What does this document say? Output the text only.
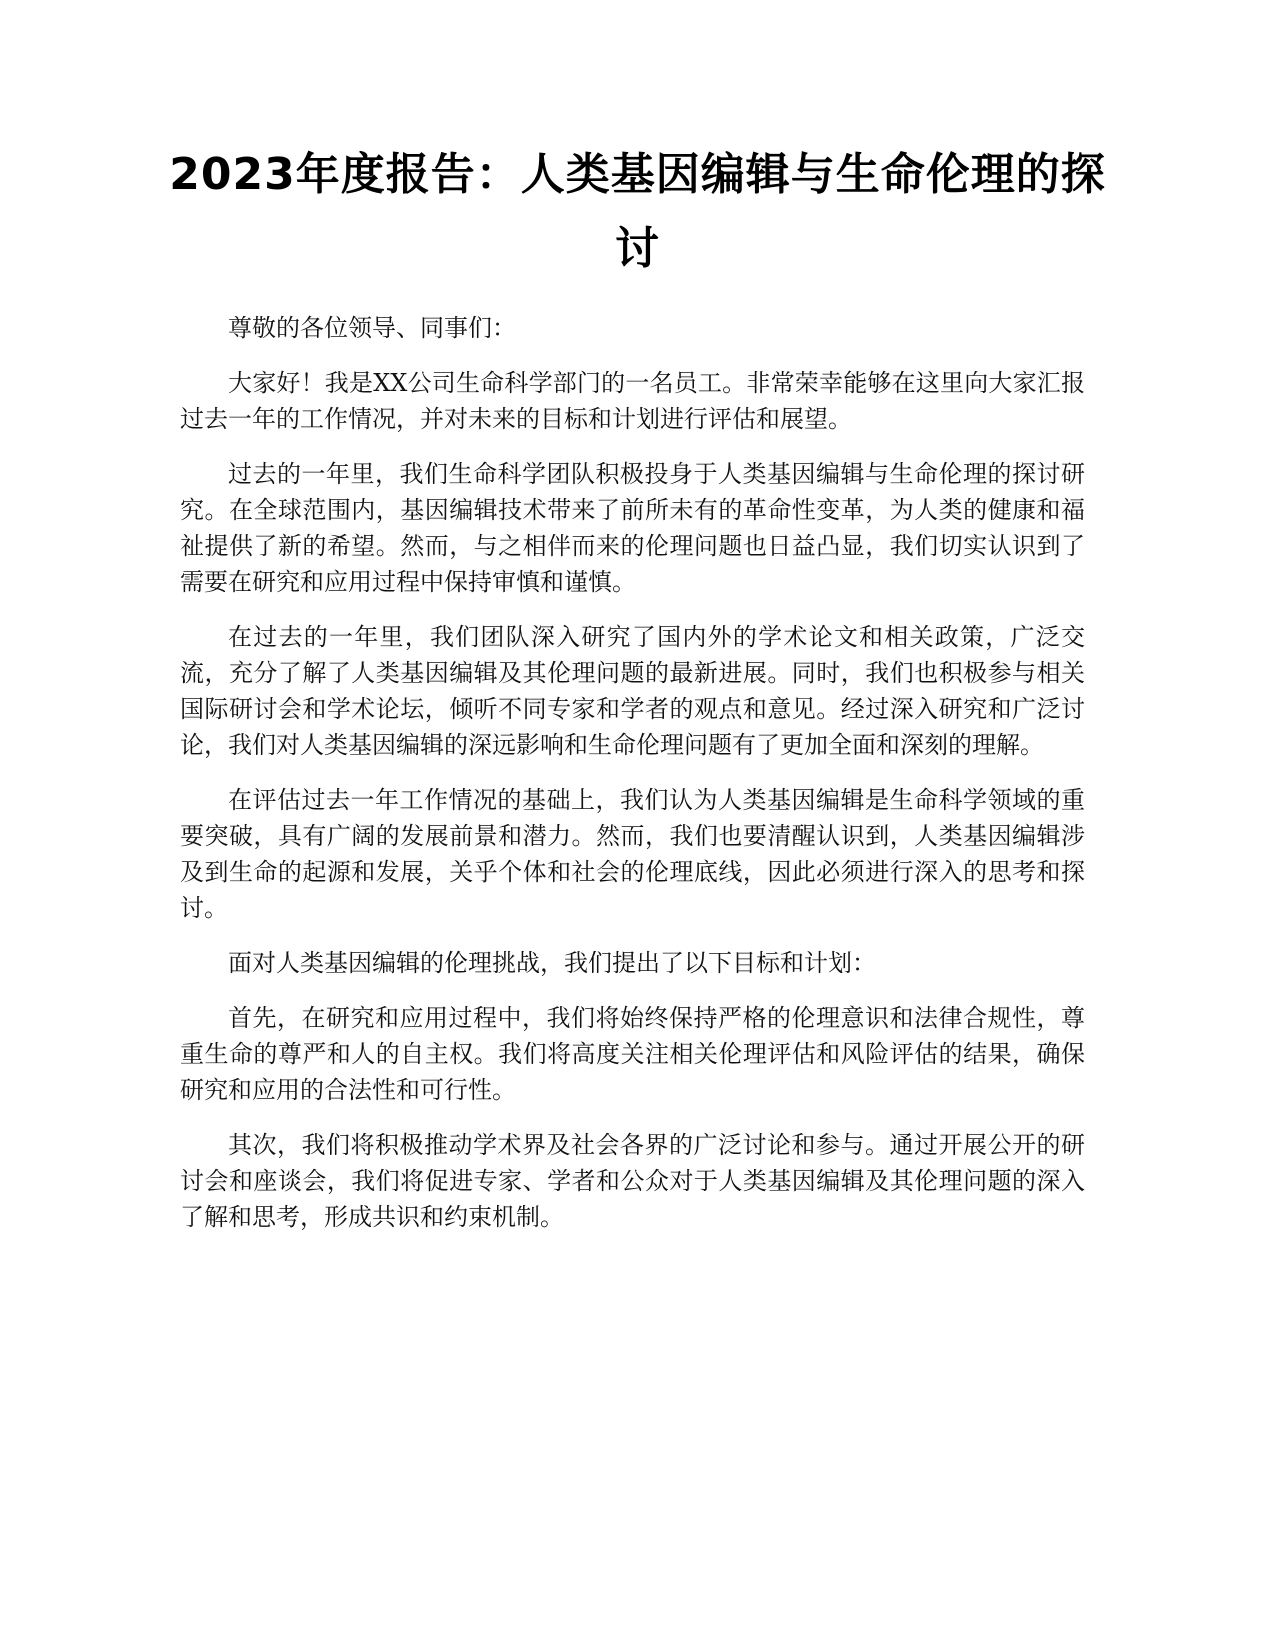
2023年度报告：人类基因编辑与生命伦理的探讨

尊敬的各位领导、同事们：

大家好！我是XX公司生命科学部门的一名员工。非常荣幸能够在这里向大家汇报过去一年的工作情况，并对未来的目标和计划进行评估和展望。

过去的一年里，我们生命科学团队积极投身于人类基因编辑与生命伦理的探讨研究。在全球范围内，基因编辑技术带来了前所未有的革命性变革，为人类的健康和福祉提供了新的希望。然而，与之相伴而来的伦理问题也日益凸显，我们切实认识到了需要在研究和应用过程中保持审慎和谨慎。

在过去的一年里，我们团队深入研究了国内外的学术论文和相关政策，广泛交流，充分了解了人类基因编辑及其伦理问题的最新进展。同时，我们也积极参与相关国际研讨会和学术论坛，倾听不同专家和学者的观点和意见。经过深入研究和广泛讨论，我们对人类基因编辑的深远影响和生命伦理问题有了更加全面和深刻的理解。

在评估过去一年工作情况的基础上，我们认为人类基因编辑是生命科学领域的重要突破，具有广阔的发展前景和潜力。然而，我们也要清醒认识到，人类基因编辑涉及到生命的起源和发展，关乎个体和社会的伦理底线，因此必须进行深入的思考和探讨。

面对人类基因编辑的伦理挑战，我们提出了以下目标和计划：

首先，在研究和应用过程中，我们将始终保持严格的伦理意识和法律合规性，尊重生命的尊严和人的自主权。我们将高度关注相关伦理评估和风险评估的结果，确保研究和应用的合法性和可行性。

其次，我们将积极推动学术界及社会各界的广泛讨论和参与。通过开展公开的研讨会和座谈会，我们将促进专家、学者和公众对于人类基因编辑及其伦理问题的深入了解和思考，形成共识和约束机制。
